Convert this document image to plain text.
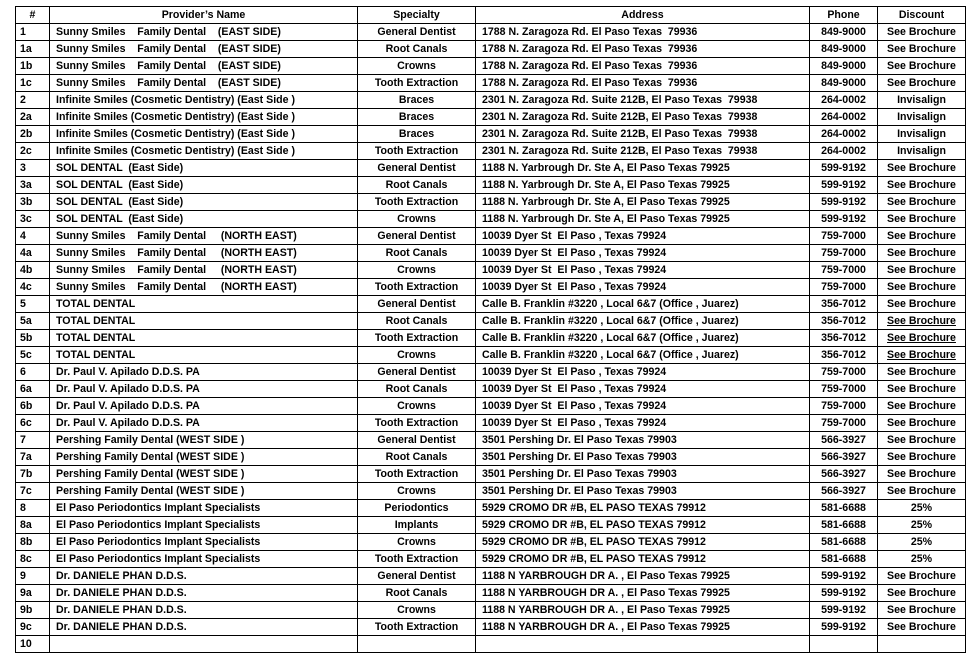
#	Provider’s Name	Specialty	Address	Phone	Discount
1	Sunny Smiles    Family Dental    (EAST SIDE)	General Dentist	1788 N. Zaragoza Rd. El Paso Texas  79936	849-9000	See Brochure
1a	Sunny Smiles    Family Dental    (EAST SIDE)	Root Canals	1788 N. Zaragoza Rd. El Paso Texas  79936	849-9000	See Brochure
1b	Sunny Smiles    Family Dental    (EAST SIDE)	Crowns	1788 N. Zaragoza Rd. El Paso Texas  79936	849-9000	See Brochure
1c	Sunny Smiles    Family Dental    (EAST SIDE)	Tooth Extraction	1788 N. Zaragoza Rd. El Paso Texas  79936	849-9000	See Brochure
2	Infinite Smiles (Cosmetic Dentistry) (East Side )	Braces	2301 N. Zaragoza Rd. Suite 212B, El Paso Texas  79938	264-0002	Invisalign
2a	Infinite Smiles (Cosmetic Dentistry) (East Side )	Braces	2301 N. Zaragoza Rd. Suite 212B, El Paso Texas  79938	264-0002	Invisalign
2b	Infinite Smiles (Cosmetic Dentistry) (East Side )	Braces	2301 N. Zaragoza Rd. Suite 212B, El Paso Texas  79938	264-0002	Invisalign
2c	Infinite Smiles (Cosmetic Dentistry) (East Side )	Tooth Extraction	2301 N. Zaragoza Rd. Suite 212B, El Paso Texas  79938	264-0002	Invisalign
3	SOL DENTAL  (East Side)	General Dentist	1188 N. Yarbrough Dr. Ste A, El Paso Texas 79925	599-9192	See Brochure
3a	SOL DENTAL  (East Side)	Root Canals	1188 N. Yarbrough Dr. Ste A, El Paso Texas 79925	599-9192	See Brochure
3b	SOL DENTAL  (East Side)	Tooth Extraction	1188 N. Yarbrough Dr. Ste A, El Paso Texas 79925	599-9192	See Brochure
3c	SOL DENTAL  (East Side)	Crowns	1188 N. Yarbrough Dr. Ste A, El Paso Texas 79925	599-9192	See Brochure
4	Sunny Smiles    Family Dental     (NORTH EAST)	General Dentist	10039 Dyer St  El Paso , Texas 79924	759-7000	See Brochure
4a	Sunny Smiles    Family Dental     (NORTH EAST)	Root Canals	10039 Dyer St  El Paso , Texas 79924	759-7000	See Brochure
4b	Sunny Smiles    Family Dental     (NORTH EAST)	Crowns	10039 Dyer St  El Paso , Texas 79924	759-7000	See Brochure
4c	Sunny Smiles    Family Dental     (NORTH EAST)	Tooth Extraction	10039 Dyer St  El Paso , Texas 79924	759-7000	See Brochure
5	TOTAL DENTAL	General Dentist	Calle B. Franklin #3220 , Local 6&7 (Office , Juarez)	356-7012	See Brochure
5a	TOTAL DENTAL	Root Canals	Calle B. Franklin #3220 , Local 6&7 (Office , Juarez)	356-7012	See Brochure
5b	TOTAL DENTAL	Tooth Extraction	Calle B. Franklin #3220 , Local 6&7 (Office , Juarez)	356-7012	See Brochure
5c	TOTAL DENTAL	Crowns	Calle B. Franklin #3220 , Local 6&7 (Office , Juarez)	356-7012	See Brochure
6	Dr. Paul V. Apilado D.D.S. PA	General Dentist	10039 Dyer St  El Paso , Texas 79924	759-7000	See Brochure
6a	Dr. Paul V. Apilado D.D.S. PA	Root Canals	10039 Dyer St  El Paso , Texas 79924	759-7000	See Brochure
6b	Dr. Paul V. Apilado D.D.S. PA	Crowns	10039 Dyer St  El Paso , Texas 79924	759-7000	See Brochure
6c	Dr. Paul V. Apilado D.D.S. PA	Tooth Extraction	10039 Dyer St  El Paso , Texas 79924	759-7000	See Brochure
7	Pershing Family Dental (WEST SIDE )	General Dentist	3501 Pershing Dr. El Paso Texas 79903	566-3927	See Brochure
7a	Pershing Family Dental (WEST SIDE )	Root Canals	3501 Pershing Dr. El Paso Texas 79903	566-3927	See Brochure
7b	Pershing Family Dental (WEST SIDE )	Tooth Extraction	3501 Pershing Dr. El Paso Texas 79903	566-3927	See Brochure
7c	Pershing Family Dental (WEST SIDE )	Crowns	3501 Pershing Dr. El Paso Texas 79903	566-3927	See Brochure
8	El Paso Periodontics Implant Specialists	Periodontics	5929 CROMO DR #B, EL PASO TEXAS 79912	581-6688	25%
8a	El Paso Periodontics Implant Specialists	Implants	5929 CROMO DR #B, EL PASO TEXAS 79912	581-6688	25%
8b	El Paso Periodontics Implant Specialists	Crowns	5929 CROMO DR #B, EL PASO TEXAS 79912	581-6688	25%
8c	El Paso Periodontics Implant Specialists	Tooth Extraction	5929 CROMO DR #B, EL PASO TEXAS 79912	581-6688	25%
9	Dr. DANIELE PHAN D.D.S.	General Dentist	1188 N YARBROUGH DR A. , El Paso Texas 79925	599-9192	See Brochure
9a	Dr. DANIELE PHAN D.D.S.	Root Canals	1188 N YARBROUGH DR A. , El Paso Texas 79925	599-9192	See Brochure
9b	Dr. DANIELE PHAN D.D.S.	Crowns	1188 N YARBROUGH DR A. , El Paso Texas 79925	599-9192	See Brochure
9c	Dr. DANIELE PHAN D.D.S.	Tooth Extraction	1188 N YARBROUGH DR A. , El Paso Texas 79925	599-9192	See Brochure
10					
